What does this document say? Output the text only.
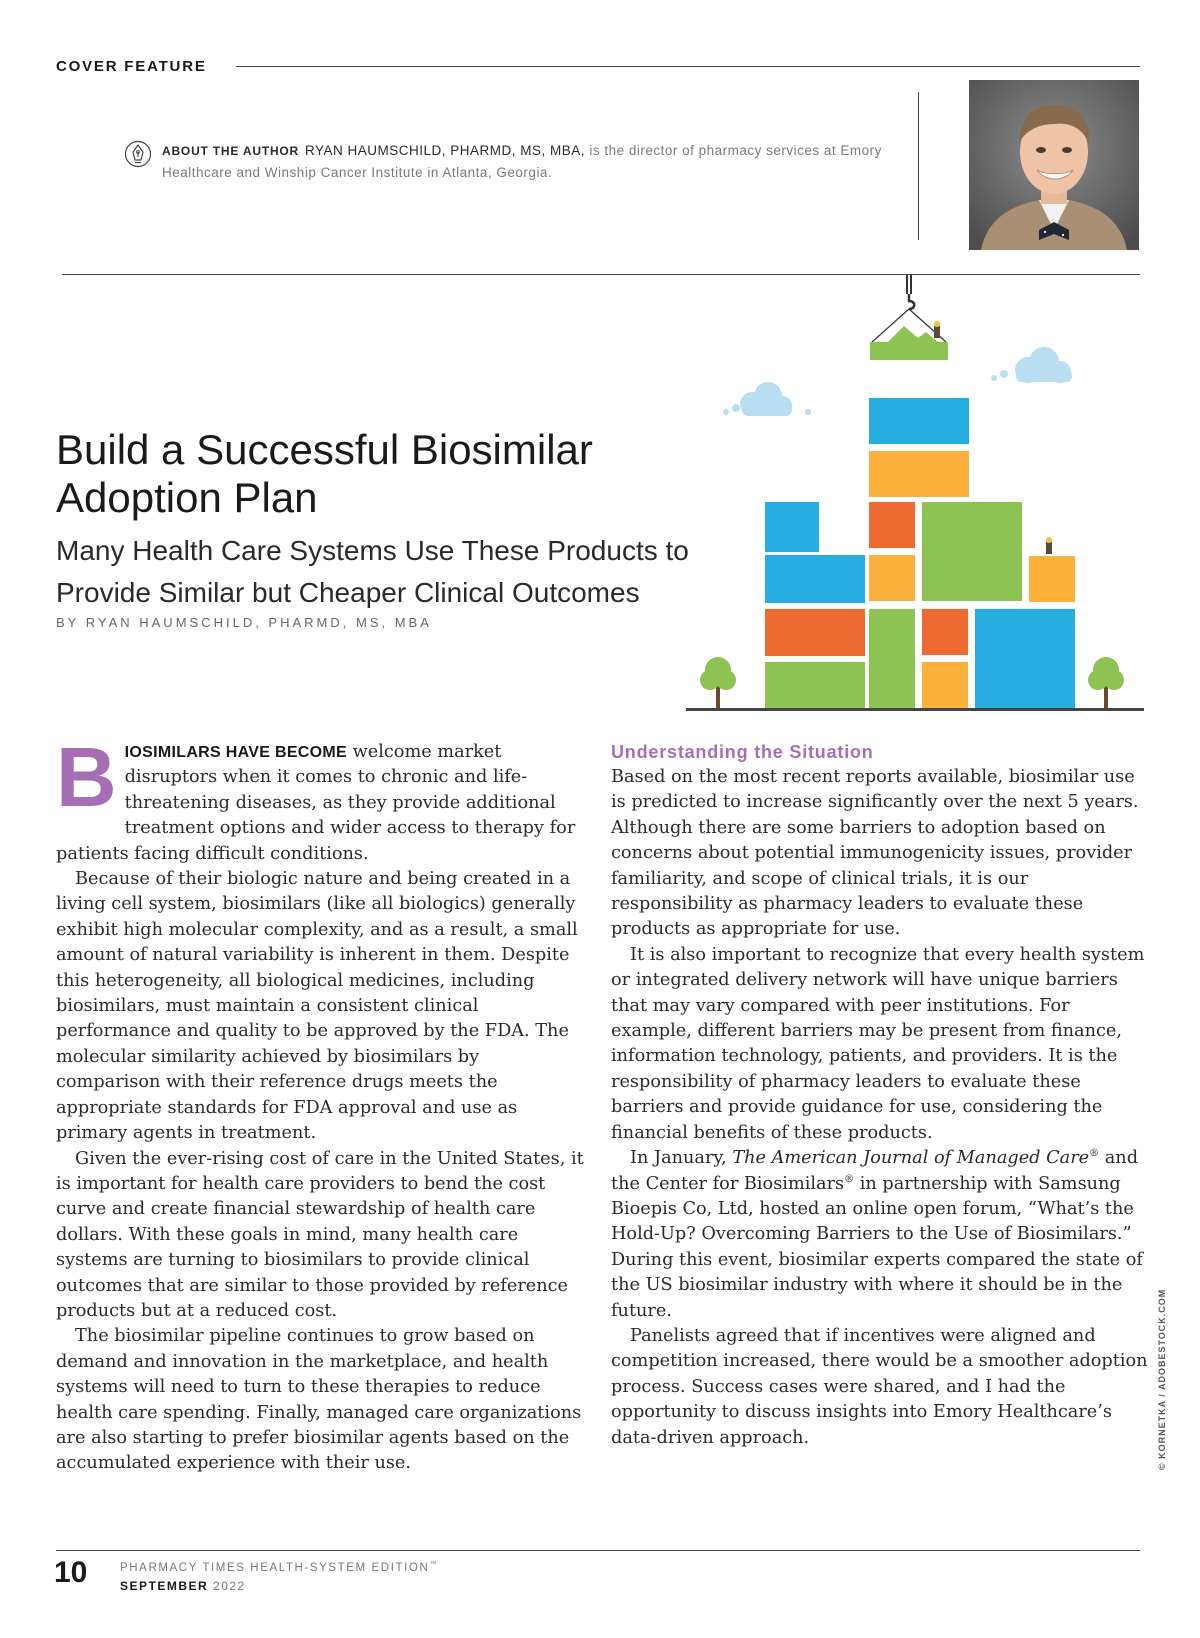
COVER FEATURE
ABOUT THE AUTHOR RYAN HAUMSCHILD, PHARMD, MS, MBA, is the director of pharmacy services at Emory Healthcare and Winship Cancer Institute in Atlanta, Georgia.
Build a Successful Biosimilar Adoption Plan
Many Health Care Systems Use These Products to Provide Similar but Cheaper Clinical Outcomes
BY RYAN HAUMSCHILD, PHARMD, MS, MBA

BIOSIMILARS HAVE BECOME welcome market disruptors when it comes to chronic and life-threatening diseases, as they provide additional treatment options and wider access to therapy for patients facing difficult conditions.

Because of their biologic nature and being created in a living cell system, biosimilars (like all biologics) generally exhibit high molecular complexity, and as a result, a small amount of natural variability is inherent in them. Despite this heterogeneity, all biological medicines, including biosimilars, must maintain a consistent clinical performance and quality to be approved by the FDA. The molecular similarity achieved by biosimilars by comparison with their reference drugs meets the appropriate standards for FDA approval and use as primary agents in treatment.

Given the ever-rising cost of care in the United States, it is important for health care providers to bend the cost curve and create financial stewardship of health care dollars. With these goals in mind, many health care systems are turning to biosimilars to provide clinical outcomes that are similar to those provided by reference products but at a reduced cost.

The biosimilar pipeline continues to grow based on demand and innovation in the marketplace, and health systems will need to turn to these therapies to reduce health care spending. Finally, managed care organizations are also starting to prefer biosimilar agents based on the accumulated experience with their use.

Understanding the Situation

Based on the most recent reports available, biosimilar use is predicted to increase significantly over the next 5 years. Although there are some barriers to adoption based on concerns about potential immunogenicity issues, provider familiarity, and scope of clinical trials, it is our responsibility as pharmacy leaders to evaluate these products as appropriate for use.

It is also important to recognize that every health system or integrated delivery network will have unique barriers that may vary compared with peer institutions. For example, different barriers may be present from finance, information technology, patients, and providers. It is the responsibility of pharmacy leaders to evaluate these barriers and provide guidance for use, considering the financial benefits of these products.

In January, The American Journal of Managed Care® and the Center for Biosimilars® in partnership with Samsung Bioepis Co, Ltd, hosted an online open forum, “What’s the Hold-Up? Overcoming Barriers to the Use of Biosimilars.” During this event, biosimilar experts compared the state of the US biosimilar industry with where it should be in the future.

Panelists agreed that if incentives were aligned and competition increased, there would be a smoother adoption process. Success cases were shared, and I had the opportunity to discuss insights into Emory Healthcare’s data-driven approach.	© KORNETKA / ADOBESTOCK.COM
10	PHARMACY TIMES HEALTH-SYSTEM EDITION™
SEPTEMBER 2022
